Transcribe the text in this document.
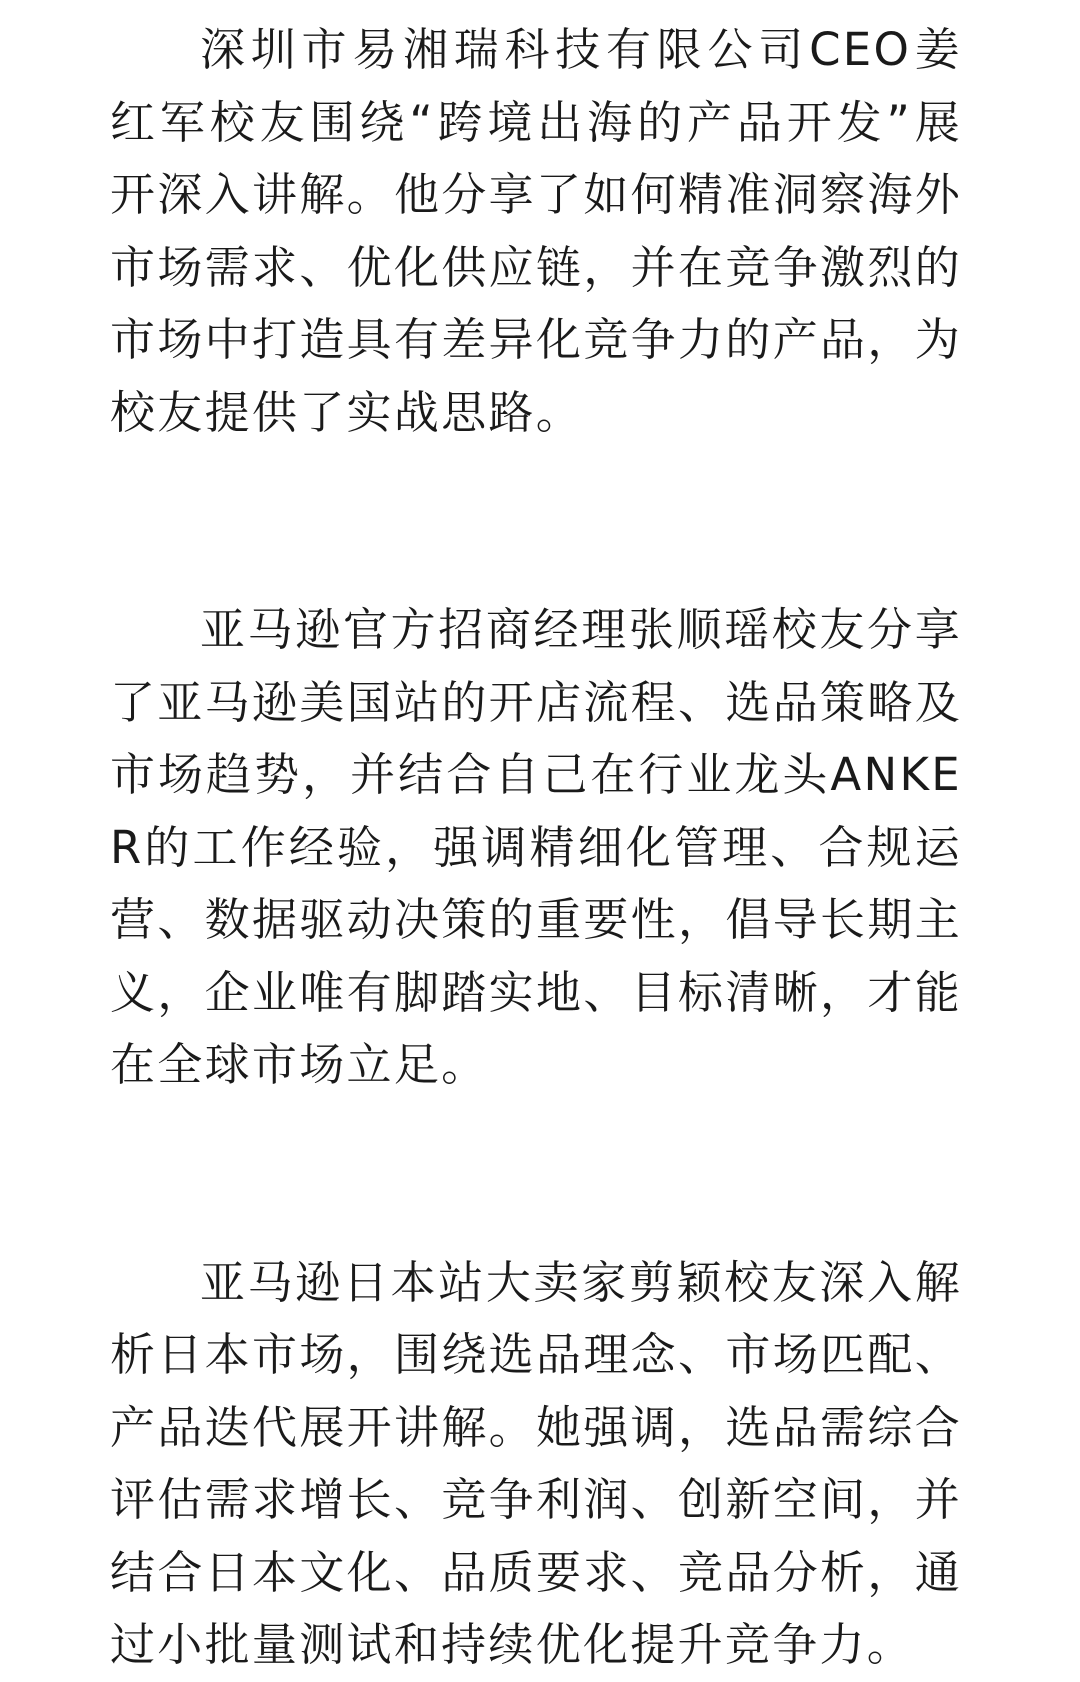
深圳市易湘瑞科技有限公司CEO姜红军校友围绕“跨境出海的产品开发”展开深入讲解。他分享了如何精准洞察海外市场需求、优化供应链，并在竞争激烈的市场中打造具有差异化竞争力的产品，为校友提供了实战思路。

亚马逊官方招商经理张顺瑶校友分享了亚马逊美国站的开店流程、选品策略及市场趋势，并结合自己在行业龙头ANKER的工作经验，强调精细化管理、合规运营、数据驱动决策的重要性，倡导长期主义，企业唯有脚踏实地、目标清晰，才能在全球市场立足。

亚马逊日本站大卖家剪颖校友深入解析日本市场，围绕选品理念、市场匹配、产品迭代展开讲解。她强调，选品需综合评估需求增长、竞争利润、创新空间，并结合日本文化、品质要求、竞品分析，通过小批量测试和持续优化提升竞争力。
